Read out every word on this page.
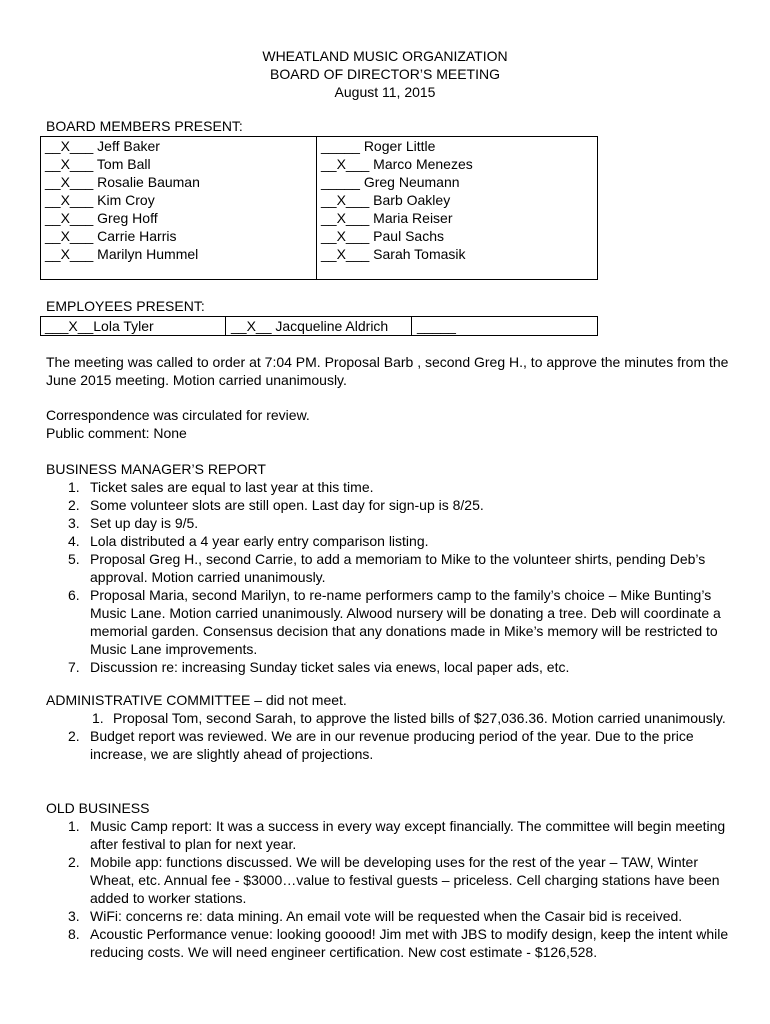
WHEATLAND MUSIC ORGANIZATION
BOARD OF DIRECTOR’S MEETING
August 11, 2015
BOARD MEMBERS PRESENT:
__X___ Jeff Baker
__X___ Tom Ball
__X___ Rosalie Bauman
__X___ Kim Croy
__X___ Greg Hoff
__X___ Carrie Harris
__X___ Marilyn Hummel
_____ Roger Little
__X___ Marco Menezes
_____ Greg Neumann
__X___ Barb Oakley
__X___ Maria Reiser
__X___ Paul Sachs
__X___ Sarah Tomasik
EMPLOYEES PRESENT:
___X__Lola Tyler	__X__ Jacqueline Aldrich _____
The meeting was called to order at 7:04 PM. Proposal Barb , second Greg H., to approve the minutes from the June 2015 meeting. Motion carried unanimously.
Correspondence was circulated for review.
Public comment: None
BUSINESS MANAGER’S REPORT
1. Ticket sales are equal to last year at this time.
2. Some volunteer slots are still open. Last day for sign-up is 8/25.
3. Set up day is 9/5.
4. Lola distributed a 4 year early entry comparison listing.
5. Proposal Greg H., second Carrie, to add a memoriam to Mike to the volunteer shirts, pending Deb’s approval. Motion carried unanimously.
6. Proposal Maria, second Marilyn, to re-name performers camp to the family’s choice – Mike Bunting’s Music Lane. Motion carried unanimously. Alwood nursery will be donating a tree. Deb will coordinate a memorial garden. Consensus decision that any donations made in Mike’s memory will be restricted to Music Lane improvements.
7. Discussion re: increasing Sunday ticket sales via enews, local paper ads, etc.
ADMINISTRATIVE COMMITTEE – did not meet.
1. Proposal Tom, second Sarah, to approve the listed bills of $27,036.36. Motion carried unanimously.
2. Budget report was reviewed. We are in our revenue producing period of the year. Due to the price increase, we are slightly ahead of projections.
OLD BUSINESS
1. Music Camp report: It was a success in every way except financially. The committee will begin meeting after festival to plan for next year.
2. Mobile app: functions discussed. We will be developing uses for the rest of the year – TAW, Winter Wheat, etc. Annual fee - $3000…value to festival guests – priceless. Cell charging stations have been added to worker stations.
3. WiFi: concerns re: data mining. An email vote will be requested when the Casair bid is received.
8. Acoustic Performance venue: looking gooood! Jim met with JBS to modify design, keep the intent while reducing costs. We will need engineer certification. New cost estimate - $126,528.
